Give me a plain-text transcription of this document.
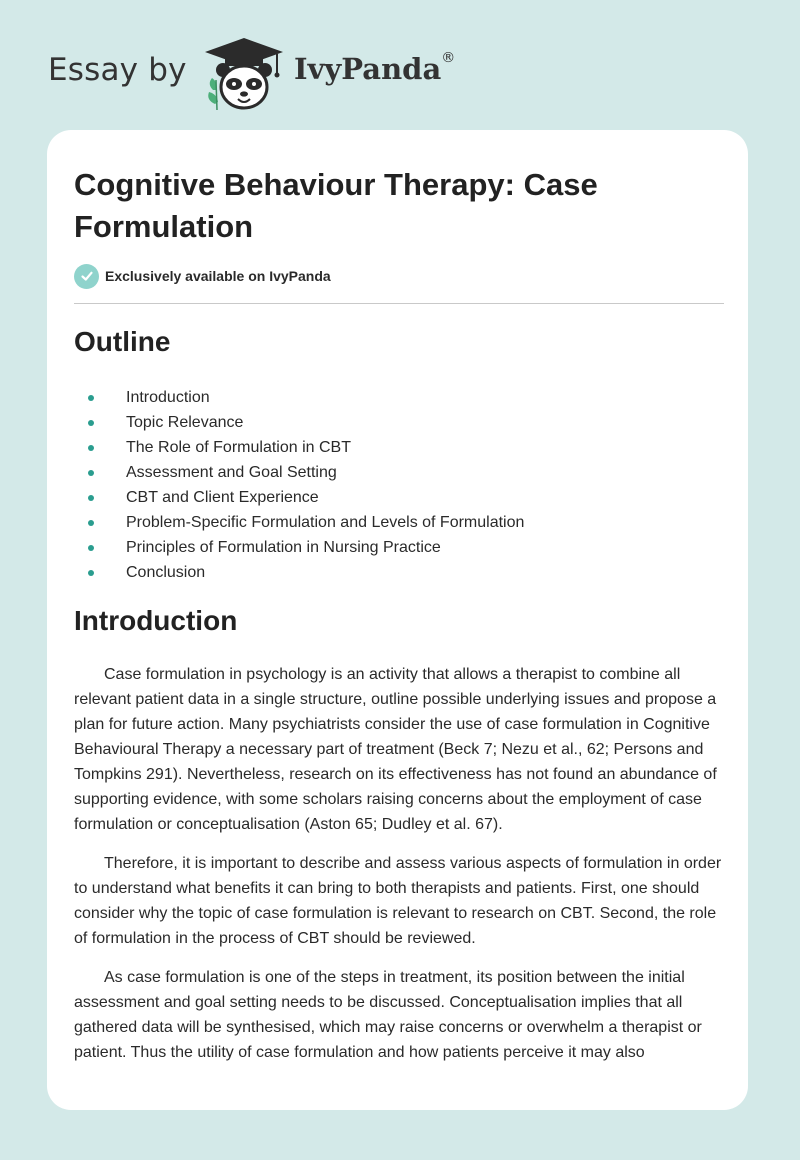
Essay by	IvyPanda®
Cognitive Behaviour Therapy: Case Formulation
Exclusively available on IvyPanda
Outline
Introduction
Topic Relevance
The Role of Formulation in CBT
Assessment and Goal Setting
CBT and Client Experience
Problem-Specific Formulation and Levels of Formulation
Principles of Formulation in Nursing Practice
Conclusion
Introduction

Case formulation in psychology is an activity that allows a therapist to combine all relevant patient data in a single structure, outline possible underlying issues and propose a plan for future action. Many psychiatrists consider the use of case formulation in Cognitive Behavioural Therapy a necessary part of treatment (Beck 7; Nezu et al., 62; Persons and Tompkins 291). Nevertheless, research on its effectiveness has not found an abundance of supporting evidence, with some scholars raising concerns about the employment of case formulation or conceptualisation (Aston 65; Dudley et al. 67).

Therefore, it is important to describe and assess various aspects of formulation in order to understand what benefits it can bring to both therapists and patients. First, one should consider why the topic of case formulation is relevant to research on CBT. Second, the role of formulation in the process of CBT should be reviewed.

As case formulation is one of the steps in treatment, its position between the initial assessment and goal setting needs to be discussed. Conceptualisation implies that all gathered data will be synthesised, which may raise concerns or overwhelm a therapist or patient. Thus the utility of case formulation and how patients perceive it may also
